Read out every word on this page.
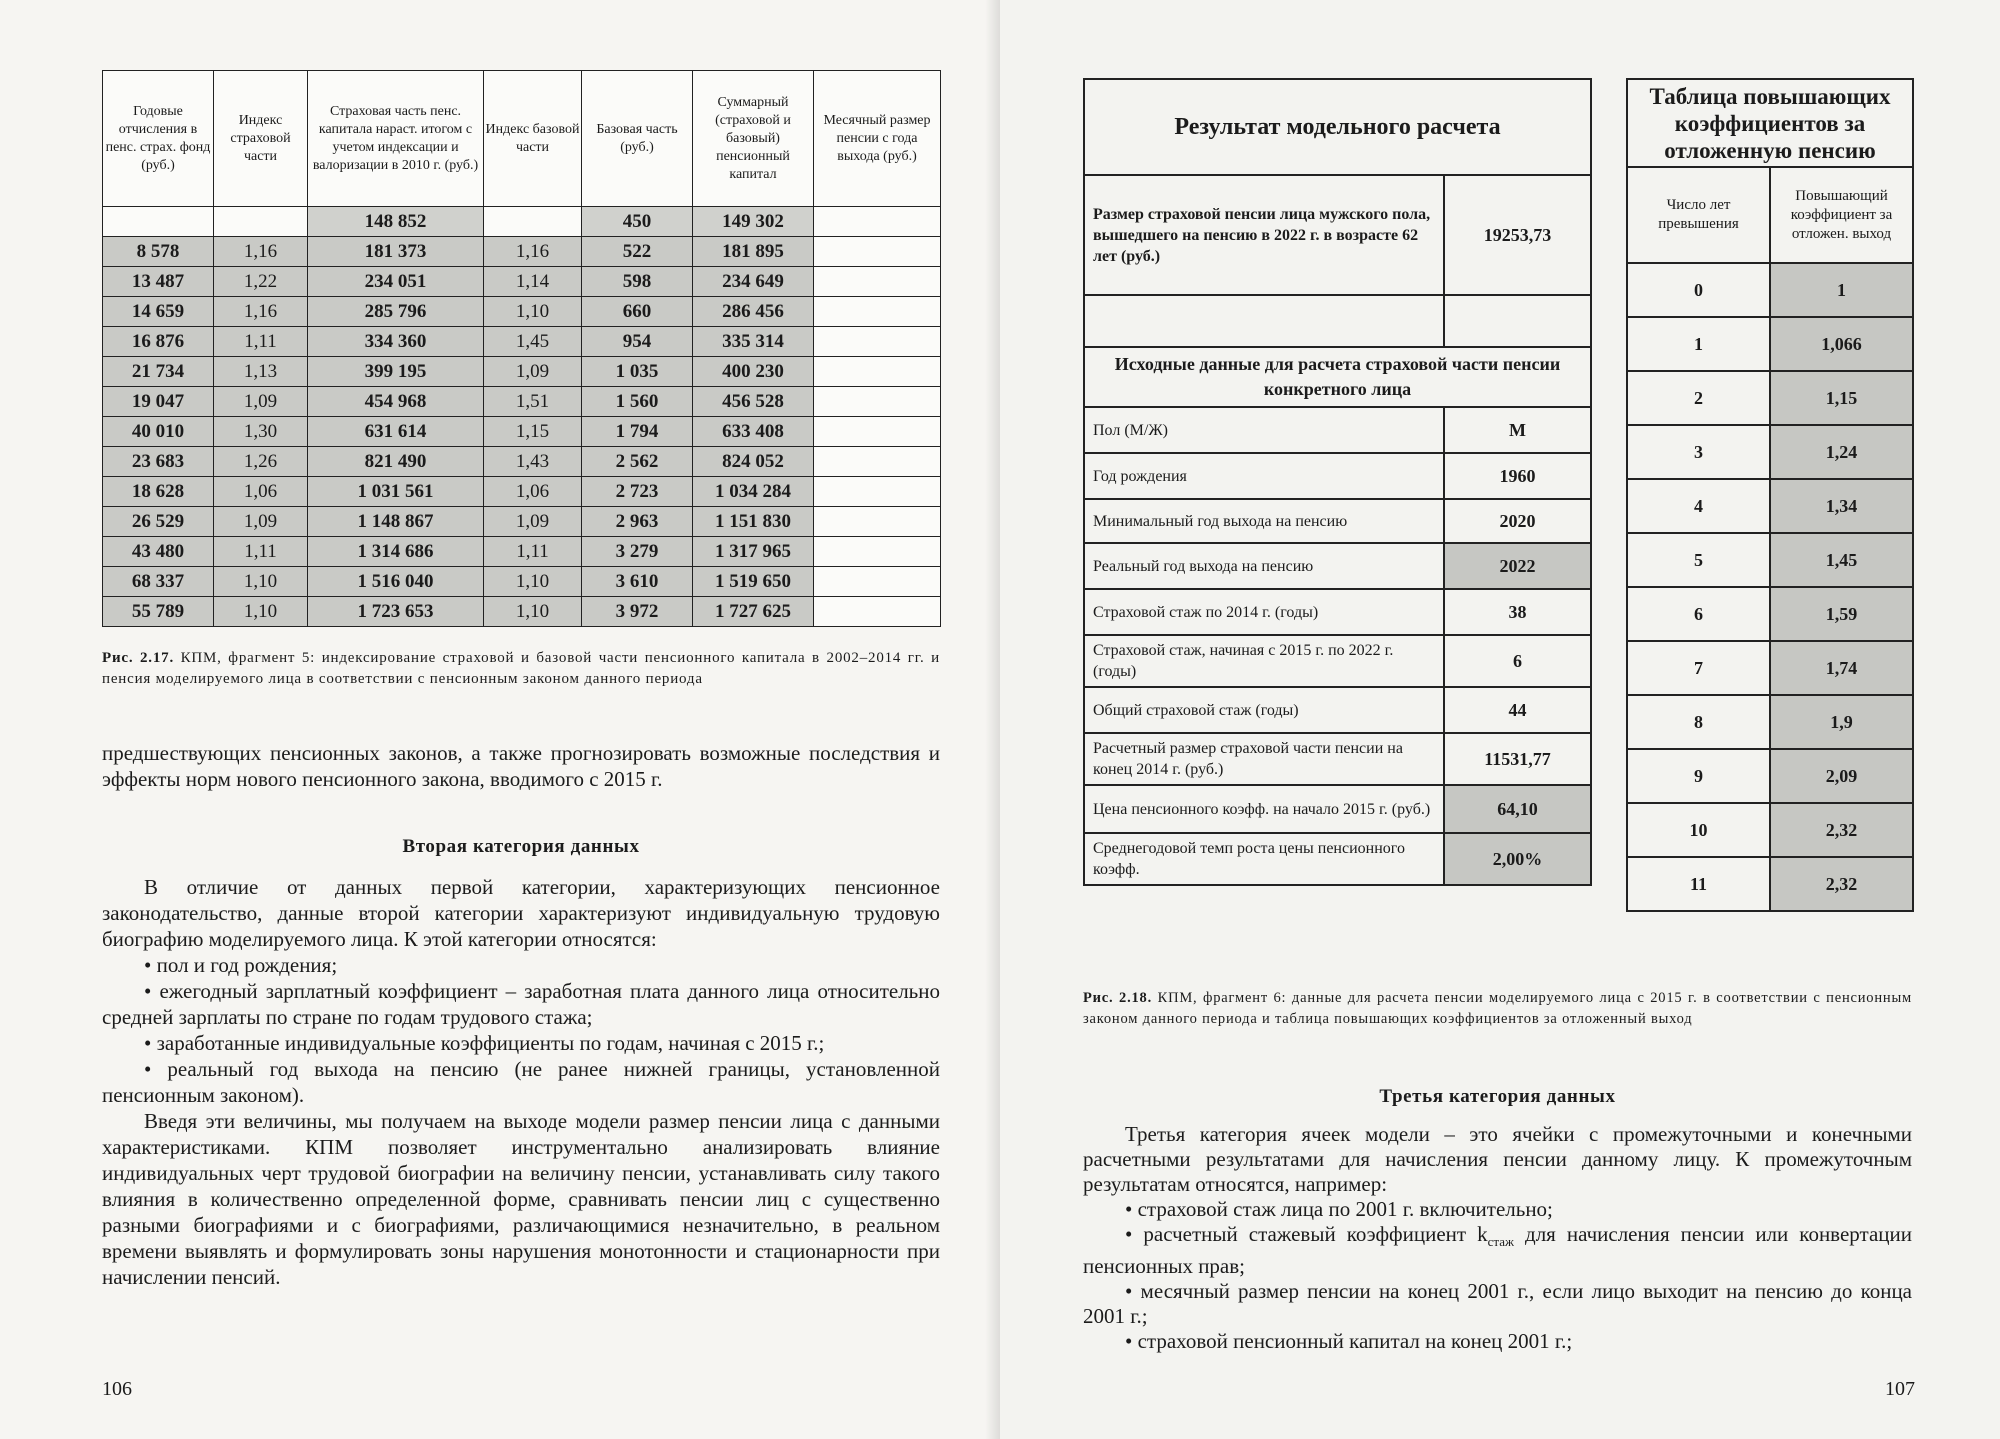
Годовые отчисления в пенс. страх. фонд (руб.)	Индекс страховой части	Страховая часть пенс. капитала нараст. итогом с учетом индексации и валоризации в 2010 г. (руб.)	Индекс базовой части	Базовая часть (руб.)	Суммарный (страховой и базовый) пенсионный капитал	Месячный размер пенсии с года выхода (руб.)
		148 852		450	149 302	
8 578	1,16	181 373	1,16	522	181 895	
13 487	1,22	234 051	1,14	598	234 649	
14 659	1,16	285 796	1,10	660	286 456	
16 876	1,11	334 360	1,45	954	335 314	
21 734	1,13	399 195	1,09	1 035	400 230	
19 047	1,09	454 968	1,51	1 560	456 528	
40 010	1,30	631 614	1,15	1 794	633 408	
23 683	1,26	821 490	1,43	2 562	824 052	
18 628	1,06	1 031 561	1,06	2 723	1 034 284	
26 529	1,09	1 148 867	1,09	2 963	1 151 830	
43 480	1,11	1 314 686	1,11	3 279	1 317 965	
68 337	1,10	1 516 040	1,10	3 610	1 519 650	
55 789	1,10	1 723 653	1,10	3 972	1 727 625	
Рис. 2.17. КПМ, фрагмент 5: индексирование страховой и базовой части пенсионного капитала в 2002–2014 гг. и пенсия моделируемого лица в соответствии с пенсионным законом данного периода

предшествующих пенсионных законов, а также прогнозировать возможные последствия и эффекты норм нового пенсионного закона, вводимого с 2015 г.

Вторая категория данных

В отличие от данных первой категории, характеризующих пенсионное законодательство, данные второй категории характеризуют индивидуальную трудовую биографию моделируемого лица. К этой категории относятся:

• пол и год рождения;

• ежегодный зарплатный коэффициент – заработная плата данного лица относительно средней зарплаты по стране по годам трудового стажа;

• заработанные индивидуальные коэффициенты по годам, начиная с 2015 г.;

• реальный год выхода на пенсию (не ранее нижней границы, установленной пенсионным законом).

Введя эти величины, мы получаем на выходе модели размер пенсии лица с данными характеристиками. КПМ позволяет инструментально анализировать влияние индивидуальных черт трудовой биографии на величину пенсии, устанавливать силу такого влияния в количественно определенной форме, сравнивать пенсии лиц с существенно разными биографиями и с биографиями, различающимися незначительно, в реальном времени выявлять и формулировать зоны нарушения монотонности и стационарности при начислении пенсий.

106
Результат модельного расчета	
Размер страховой пенсии лица мужского пола, вышедшего на пенсию в 2022 г. в возрасте 62 лет (руб.)	19253,73

Исходные данные для расчета страховой части пенсии конкретного лица	
Пол (М/Ж)	М
Год рождения	1960
Минимальный год выхода на пенсию	2020
Реальный год выхода на пенсию	2022
Страховой стаж по 2014 г. (годы)	38
Страховой стаж, начиная с 2015 г. по 2022 г. (годы)	6
Общий страховой стаж (годы)	44
Расчетный размер страховой части пенсии на конец 2014 г. (руб.)	11531,77
Цена пенсионного коэфф. на начало 2015 г. (руб.)	64,10
Среднегодовой темп роста цены пенсионного коэфф.	2,00%
Таблица повышающих коэффициентов за отложенную пенсию	
Число лет превышения	Повышающий коэффициент за отложен. выход
0	1
1	1,066
2	1,15
3	1,24
4	1,34
5	1,45
6	1,59
7	1,74
8	1,9
9	2,09
10	2,32
11	2,32
Рис. 2.18. КПМ, фрагмент 6: данные для расчета пенсии моделируемого лица с 2015 г. в соответствии с пенсионным законом данного периода и таблица повышающих коэффициентов за отложенный выход
Третья категория данных

Третья категория ячеек модели – это ячейки с промежуточными и конечными расчетными результатами для начисления пенсии данному лицу. К промежуточным результатам относятся, например:

• страховой стаж лица по 2001 г. включительно;

• расчетный стажевый коэффициент $k_{стаж}$ для начисления пенсии или конвертации пенсионных прав;

• месячный размер пенсии на конец 2001 г., если лицо выходит на пенсию до конца 2001 г.;

• страховой пенсионный капитал на конец 2001 г.;

107
